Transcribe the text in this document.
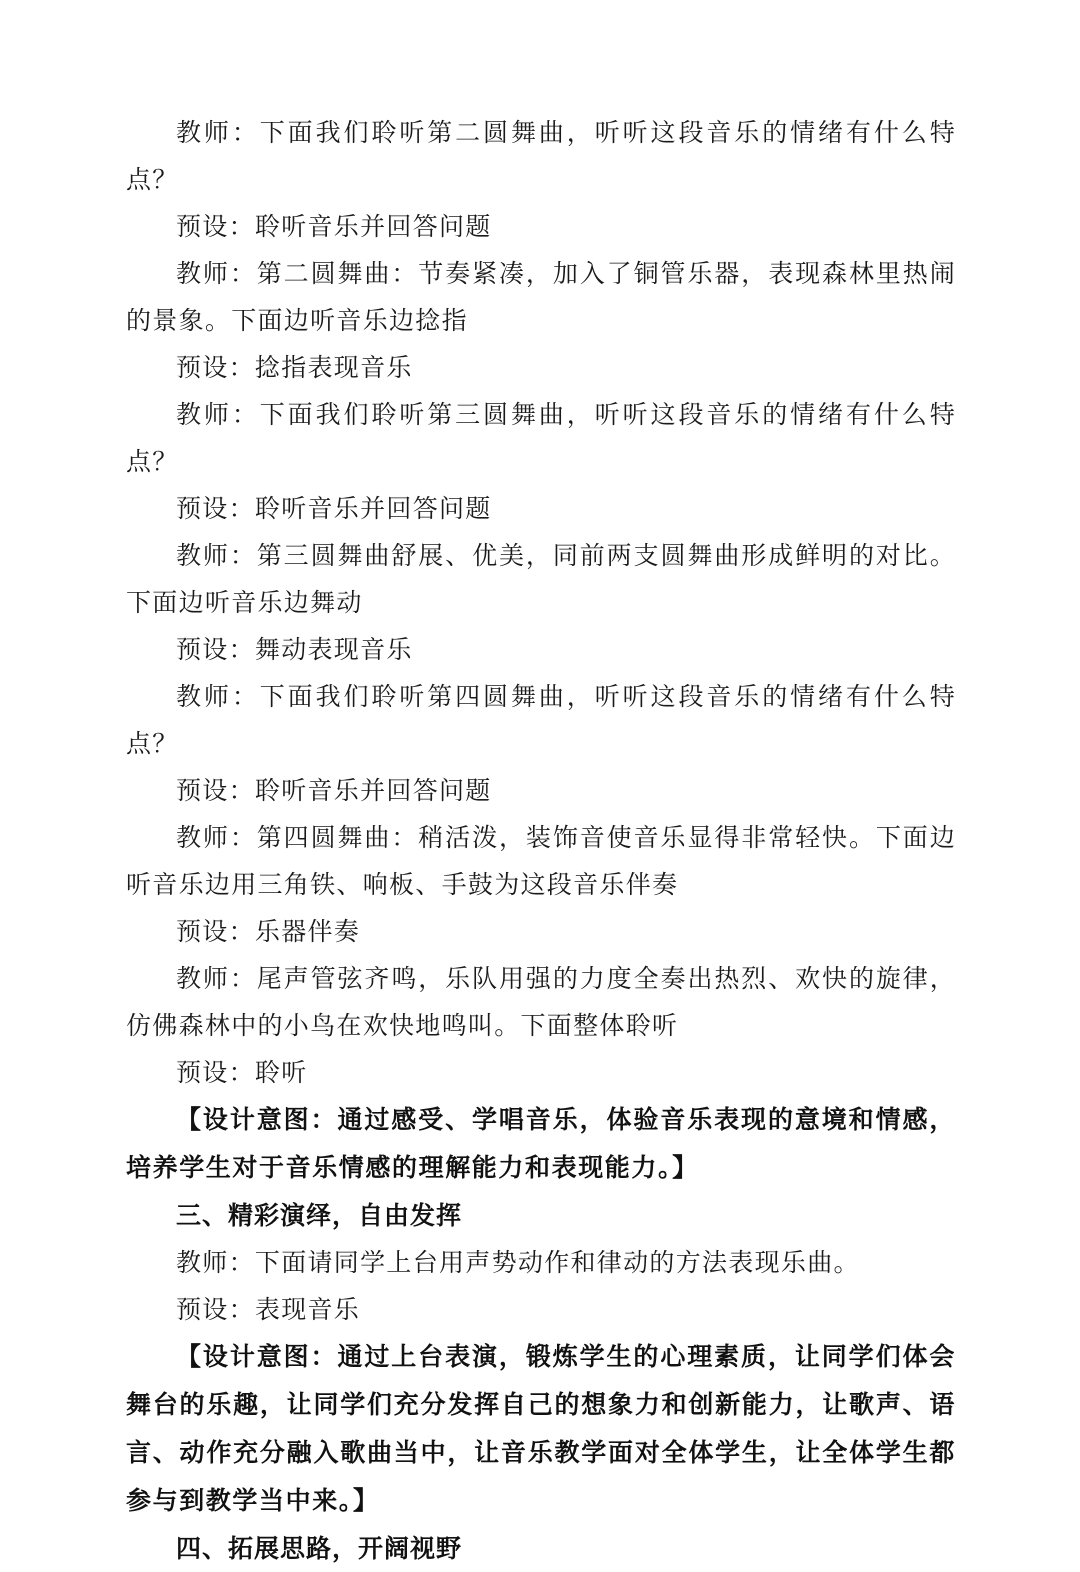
教师：下面我们聆听第二圆舞曲，听听这段音乐的情绪有什么特点？

预设：聆听音乐并回答问题

教师：第二圆舞曲：节奏紧凑，加入了铜管乐器，表现森林里热闹的景象。下面边听音乐边捻指

预设：捻指表现音乐

教师：下面我们聆听第三圆舞曲，听听这段音乐的情绪有什么特点？

预设：聆听音乐并回答问题

教师：第三圆舞曲舒展、优美，同前两支圆舞曲形成鲜明的对比。下面边听音乐边舞动

预设：舞动表现音乐

教师：下面我们聆听第四圆舞曲，听听这段音乐的情绪有什么特点？

预设：聆听音乐并回答问题

教师：第四圆舞曲：稍活泼，装饰音使音乐显得非常轻快。下面边听音乐边用三角铁、响板、手鼓为这段音乐伴奏

预设：乐器伴奏

教师：尾声管弦齐鸣，乐队用强的力度全奏出热烈、欢快的旋律，仿佛森林中的小鸟在欢快地鸣叫。下面整体聆听

预设：聆听

【设计意图：通过感受、学唱音乐，体验音乐表现的意境和情感，培养学生对于音乐情感的理解能力和表现能力。】

三、精彩演绎，自由发挥

教师：下面请同学上台用声势动作和律动的方法表现乐曲。

预设：表现音乐

【设计意图：通过上台表演，锻炼学生的心理素质，让同学们体会舞台的乐趣，让同学们充分发挥自己的想象力和创新能力，让歌声、语言、动作充分融入歌曲当中，让音乐教学面对全体学生，让全体学生都参与到教学当中来。】

四、拓展思路，开阔视野
